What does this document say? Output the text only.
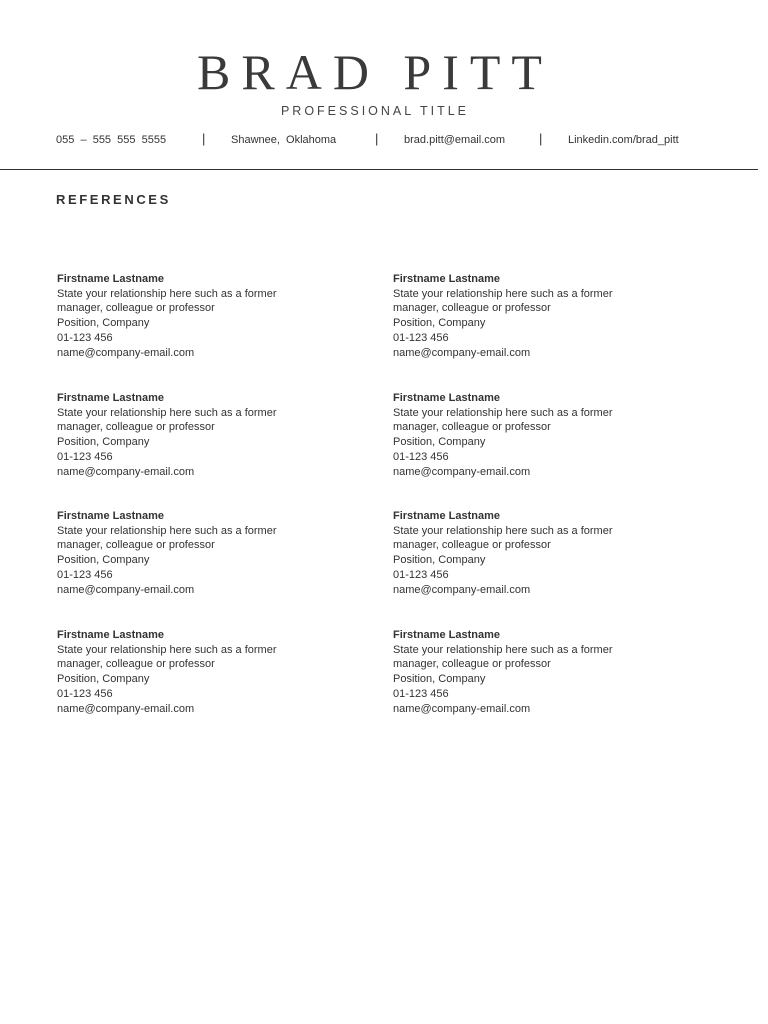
BRAD PITT
PROFESSIONAL TITLE
055  –  555  555  5555	| Shawnee,  Oklahoma	| brad.pitt@email.com	| Linkedin.com/brad_pitt
REFERENCES
Firstname Lastname
State your relationship here such as a former
manager, colleague or professor
Position, Company
01-123 456
name@company-email.com
Firstname Lastname
State your relationship here such as a former
manager, colleague or professor
Position, Company
01-123 456
name@company-email.com
Firstname Lastname
State your relationship here such as a former
manager, colleague or professor
Position, Company
01-123 456
name@company-email.com
Firstname Lastname
State your relationship here such as a former
manager, colleague or professor
Position, Company
01-123 456
name@company-email.com
Firstname Lastname
State your relationship here such as a former
manager, colleague or professor
Position, Company
01-123 456
name@company-email.com
Firstname Lastname
State your relationship here such as a former
manager, colleague or professor
Position, Company
01-123 456
name@company-email.com
Firstname Lastname
State your relationship here such as a former
manager, colleague or professor
Position, Company
01-123 456
name@company-email.com
Firstname Lastname
State your relationship here such as a former
manager, colleague or professor
Position, Company
01-123 456
name@company-email.com
